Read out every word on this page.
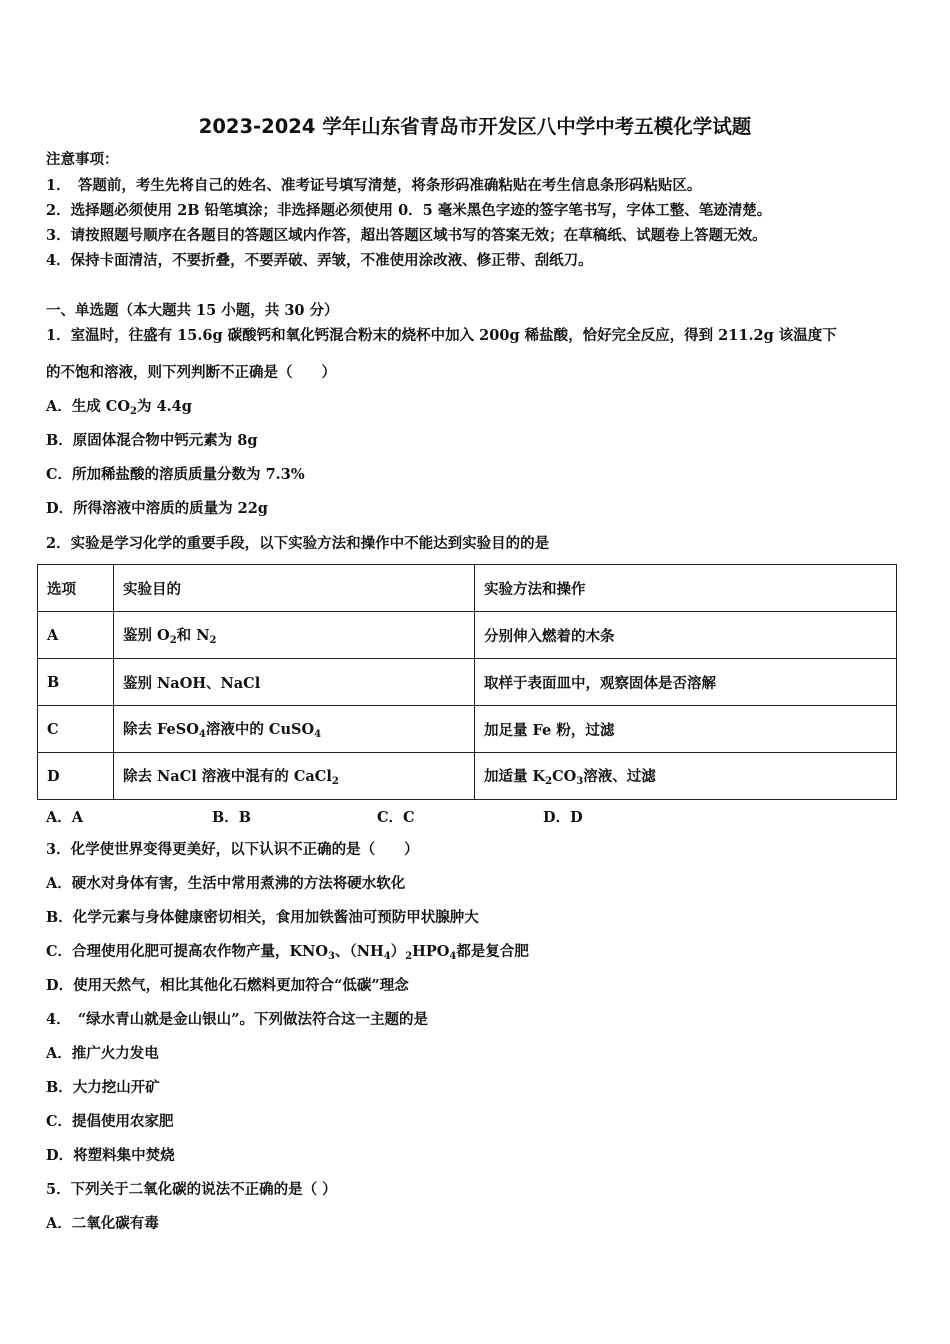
2023-2024 学年山东省青岛市开发区八中学中考五模化学试题
注意事项：
1．　答题前，考生先将自己的姓名、准考证号填写清楚，将条形码准确粘贴在考生信息条形码粘贴区。
2．选择题必须使用 2B 铅笔填涂；非选择题必须使用 0．5 毫米黑色字迹的签字笔书写，字体工整、笔迹清楚。
3．请按照题号顺序在各题目的答题区域内作答，超出答题区域书写的答案无效；在草稿纸、试题卷上答题无效。
4．保持卡面清洁，不要折叠，不要弄破、弄皱，不准使用涂改液、修正带、刮纸刀。
一、单选题（本大题共 15 小题，共 30 分）
1．室温时，往盛有 15.6g 碳酸钙和氧化钙混合粉末的烧杯中加入 200g 稀盐酸，恰好完全反应，得到 211.2g 该温度下
的不饱和溶液，则下列判断不正确是（　　）
A．生成 $CO_2$为 4.4g
B．原固体混合物中钙元素为 8g
C．所加稀盐酸的溶质质量分数为 7.3%
D．所得溶液中溶质的质量为 22g
2．实验是学习化学的重要手段，以下实验方法和操作中不能达到实验目的的是
选项	实验目的	实验方法和操作
A	鉴别 $O_2$和 $N_2$	分别伸入燃着的木条
B	鉴别 NaOH、NaCl	取样于表面皿中，观察固体是否溶解
C	除去 FeSO$_4$溶液中的 CuSO$_4$	加足量 Fe 粉，过滤
D	除去 NaCl 溶液中混有的 CaCl$_2$	加适量 $K_2CO_3$溶液、过滤
A．A	B．B	C．C	D．D
3．化学使世界变得更美好，以下认识不正确的是（　　）
A．硬水对身体有害，生活中常用煮沸的方法将硬水软化
B．化学元素与身体健康密切相关，食用加铁酱油可预防甲状腺肿大
C．合理使用化肥可提高农作物产量，$KNO_3$、$(NH_4)_2HPO_4$都是复合肥
D．使用天然气，相比其他化石燃料更加符合“低碳”理念
4．　“绿水青山就是金山银山”。下列做法符合这一主题的是
A．推广火力发电
B．大力挖山开矿
C．提倡使用农家肥
D．将塑料集中焚烧
5．下列关于二氧化碳的说法不正确的是（ ）
A．二氧化碳有毒
